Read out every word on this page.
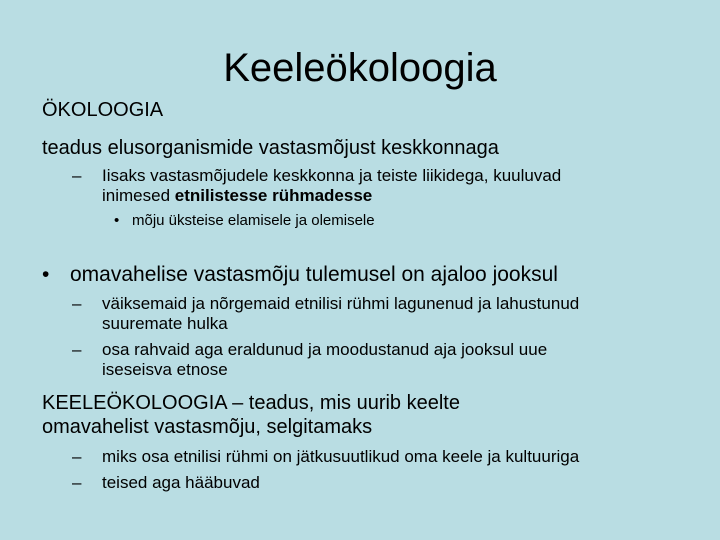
Keeleökoloogia
ÖKOLOOGIA
teadus elusorganismide vastasmõjust keskkonnaga
– Iisaks vastasmõjudele keskkonna ja teiste liikidega, kuuluvad
inimesed etnilistesse rühmadesse
• mõju üksteise elamisele ja olemisele
• omavahelise vastasmõju tulemusel on ajaloo jooksul
– väiksemaid ja nõrgemaid etnilisi rühmi lagunenud ja lahustunud
suuremate hulka
– osa rahvaid aga eraldunud ja moodustanud aja jooksul uue
iseseisva etnose
KEELEÖKOLOOGIA – teadus, mis uurib keelte
omavahelist vastasmõju, selgitamaks
– miks osa etnilisi rühmi on jätkusuutlikud oma keele ja kultuuriga
– teised aga hääbuvad
